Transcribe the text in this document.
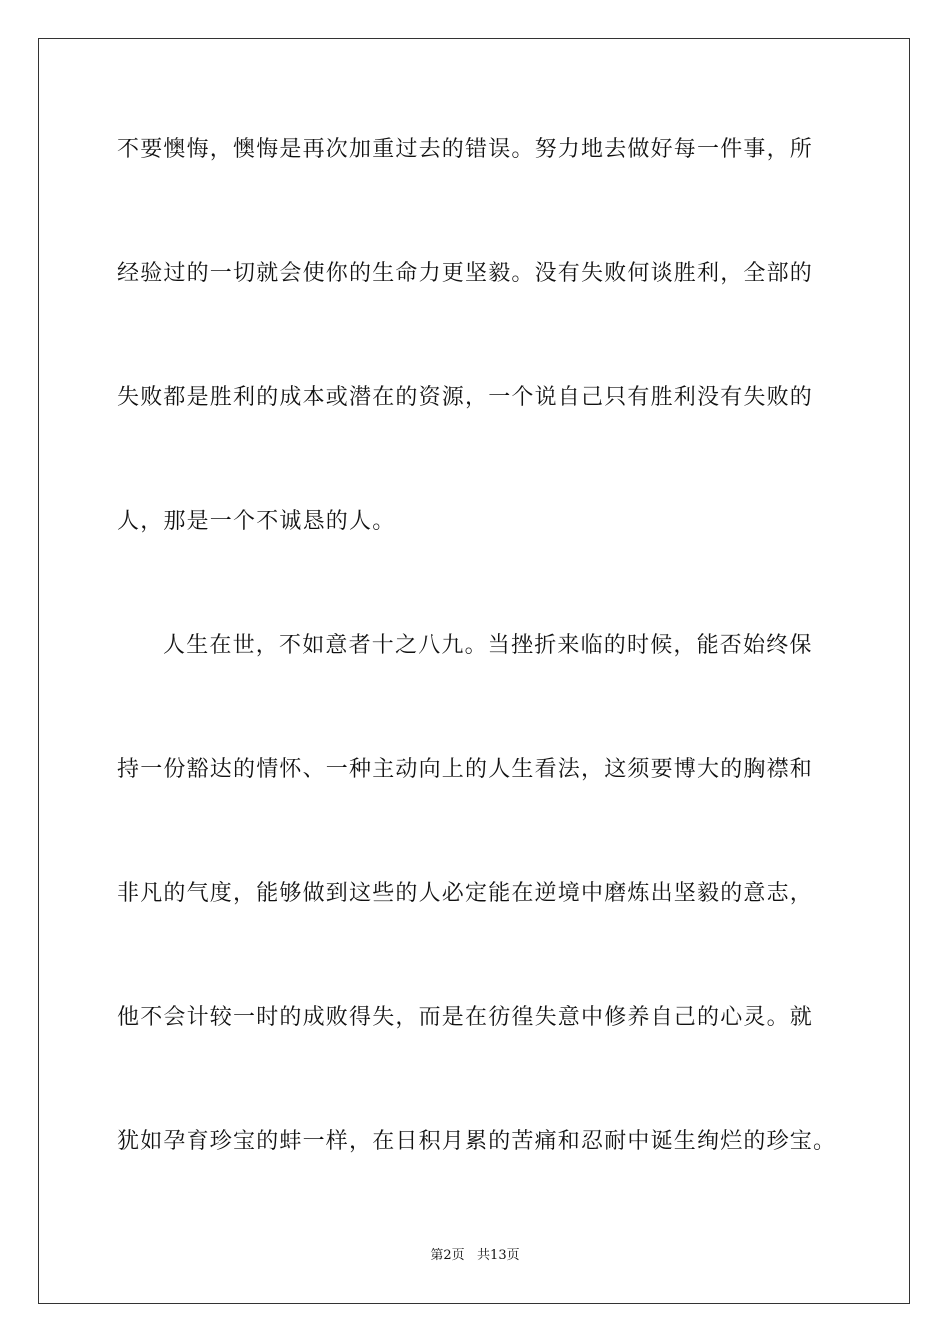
不要懊悔，懊悔是再次加重过去的错误。努力地去做好每一件事，所
经验过的一切就会使你的生命力更坚毅。没有失败何谈胜利，全部的
失败都是胜利的成本或潜在的资源，一个说自己只有胜利没有失败的
人，那是一个不诚恳的人。
人生在世，不如意者十之八九。当挫折来临的时候，能否始终保
持一份豁达的情怀、一种主动向上的人生看法，这须要博大的胸襟和
非凡的气度，能够做到这些的人必定能在逆境中磨炼出坚毅的意志，
他不会计较一时的成败得失，而是在彷徨失意中修养自己的心灵。就
犹如孕育珍宝的蚌一样，在日积月累的苦痛和忍耐中诞生绚烂的珍宝。
第2页   共13页
